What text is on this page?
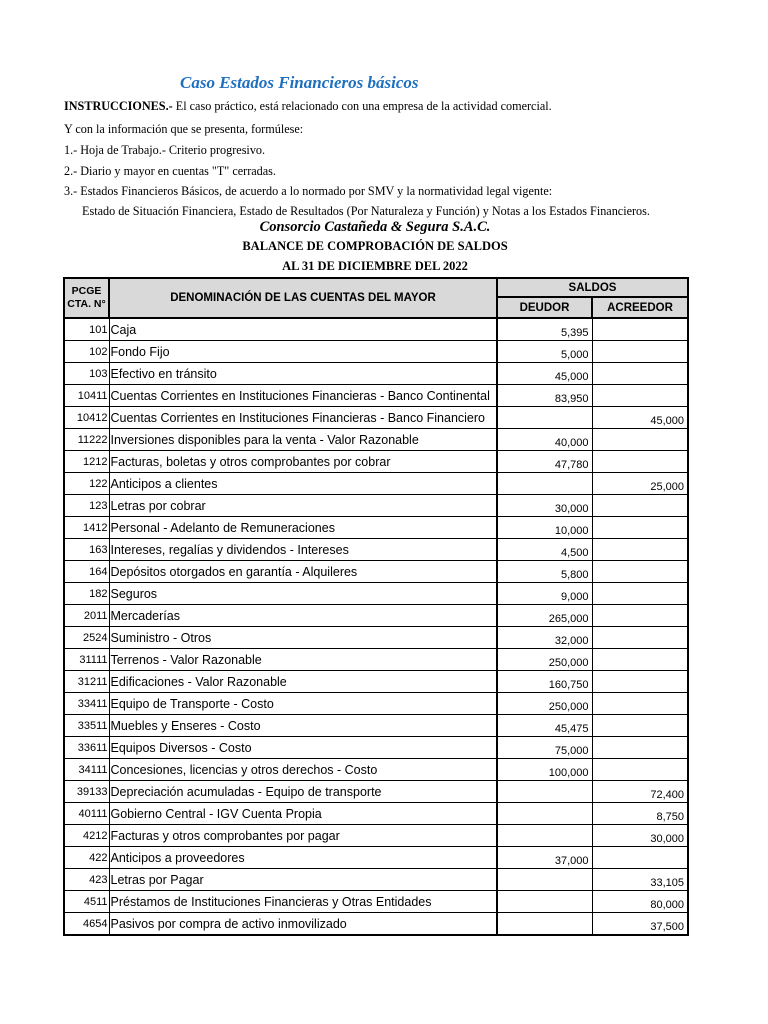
Caso Estados Financieros básicos
INSTRUCCIONES.- El caso práctico, está relacionado con una empresa de la actividad comercial.
Y con la información que se presenta, formúlese:
1.- Hoja de Trabajo.- Criterio progresivo.
2.- Diario y mayor en cuentas "T" cerradas.
3.- Estados Financieros Básicos, de acuerdo a lo normado por SMV y la normatividad legal vigente:
Estado de Situación Financiera, Estado de Resultados (Por Naturaleza y Función) y Notas a los Estados Financieros.
Consorcio Castañeda & Segura S.A.C.
BALANCE DE COMPROBACIÓN DE SALDOS
AL 31 DE DICIEMBRE DEL 2022
PCGE
CTA. N°	DENOMINACIÓN DE LAS CUENTAS DEL MAYOR	SALDOS	
		DEUDOR	ACREEDOR
101	Caja	5,395	
102	Fondo Fijo	5,000	
103	Efectivo en tránsito	45,000	
10411	Cuentas Corrientes en Instituciones Financieras - Banco Continental	83,950	
10412	Cuentas Corrientes en Instituciones Financieras - Banco Financiero		45,000
11222	Inversiones disponibles para la venta - Valor Razonable	40,000	
1212	Facturas, boletas y otros comprobantes por cobrar	47,780	
122	Anticipos a clientes		25,000
123	Letras por cobrar	30,000	
1412	Personal - Adelanto de Remuneraciones	10,000	
163	Intereses, regalías y dividendos - Intereses	4,500	
164	Depósitos otorgados en garantía - Alquileres	5,800	
182	Seguros	9,000	
2011	Mercaderías	265,000	
2524	Suministro - Otros	32,000	
31111	Terrenos - Valor Razonable	250,000	
31211	Edificaciones - Valor Razonable	160,750	
33411	Equipo de Transporte - Costo	250,000	
33511	Muebles y Enseres - Costo	45,475	
33611	Equipos Diversos - Costo	75,000	
34111	Concesiones, licencias y otros derechos - Costo	100,000	
39133	Depreciación acumuladas - Equipo de transporte		72,400
40111	Gobierno Central - IGV Cuenta Propia		8,750
4212	Facturas y otros comprobantes por pagar		30,000
422	Anticipos a proveedores	37,000	
423	Letras por Pagar		33,105
4511	Préstamos de Instituciones Financieras y Otras Entidades		80,000
4654	Pasivos por compra de activo inmovilizado		37,500
